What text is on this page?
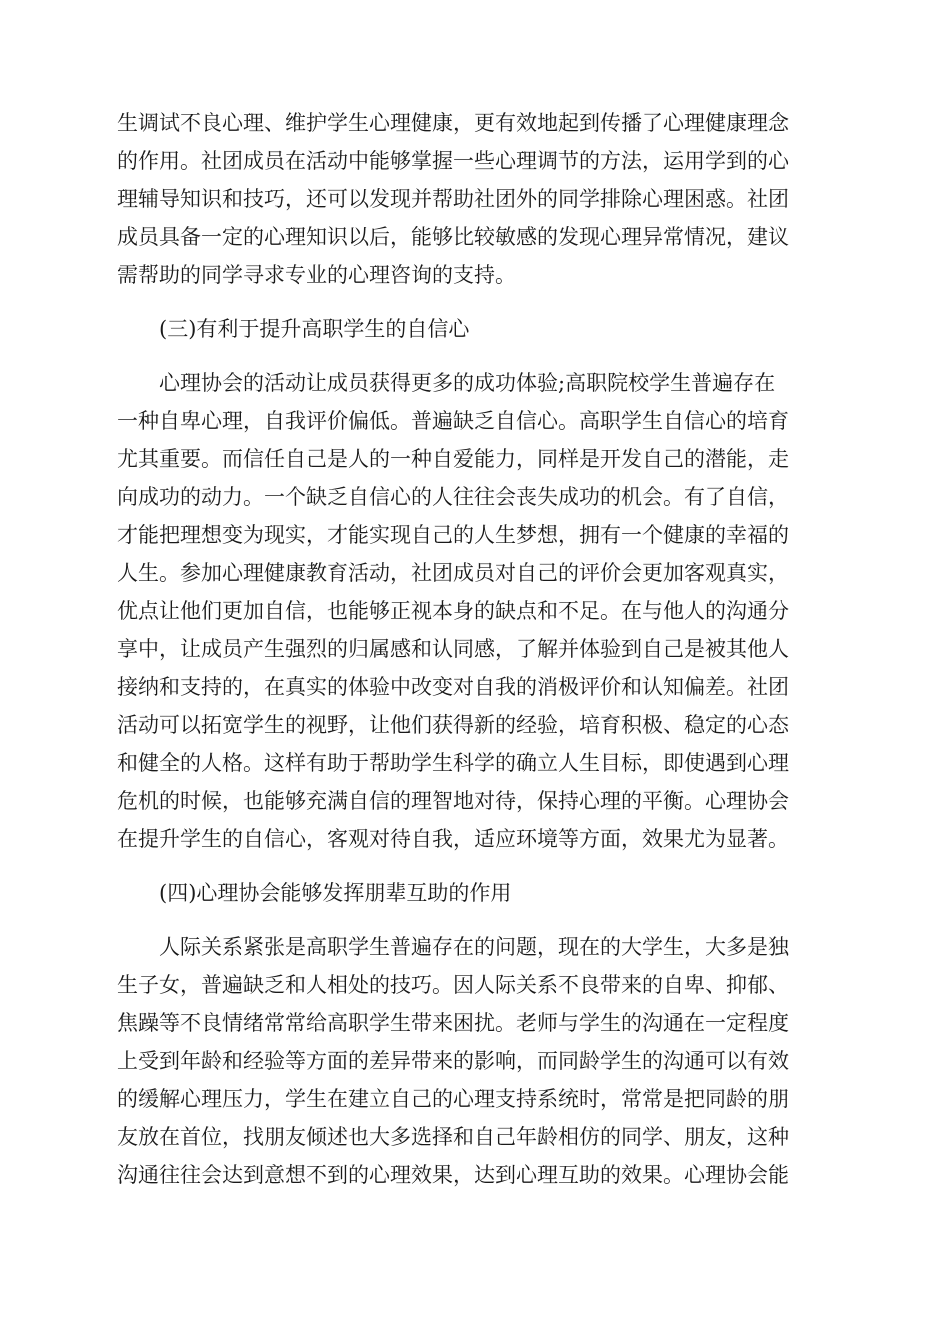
生调试不良心理、维护学生心理健康，更有效地起到传播了心理健康理念
的作用。社团成员在活动中能够掌握一些心理调节的方法，运用学到的心
理辅导知识和技巧，还可以发现并帮助社团外的同学排除心理困惑。社团
成员具备一定的心理知识以后，能够比较敏感的发现心理异常情况，建议
需帮助的同学寻求专业的心理咨询的支持。

(三)有利于提升高职学生的自信心

心理协会的活动让成员获得更多的成功体验;高职院校学生普遍存在
一种自卑心理，自我评价偏低。普遍缺乏自信心。高职学生自信心的培育
尤其重要。而信任自己是人的一种自爱能力，同样是开发自己的潜能，走
向成功的动力。一个缺乏自信心的人往往会丧失成功的机会。有了自信，
才能把理想变为现实，才能实现自己的人生梦想，拥有一个健康的幸福的
人生。参加心理健康教育活动，社团成员对自己的评价会更加客观真实，
优点让他们更加自信，也能够正视本身的缺点和不足。在与他人的沟通分
享中，让成员产生强烈的归属感和认同感，了解并体验到自己是被其他人
接纳和支持的，在真实的体验中改变对自我的消极评价和认知偏差。社团
活动可以拓宽学生的视野，让他们获得新的经验，培育积极、稳定的心态
和健全的人格。这样有助于帮助学生科学的确立人生目标，即使遇到心理
危机的时候，也能够充满自信的理智地对待，保持心理的平衡。心理协会
在提升学生的自信心，客观对待自我，适应环境等方面，效果尤为显著。

(四)心理协会能够发挥朋辈互助的作用

人际关系紧张是高职学生普遍存在的问题，现在的大学生，大多是独
生子女，普遍缺乏和人相处的技巧。因人际关系不良带来的自卑、抑郁、
焦躁等不良情绪常常给高职学生带来困扰。老师与学生的沟通在一定程度
上受到年龄和经验等方面的差异带来的影响，而同龄学生的沟通可以有效
的缓解心理压力，学生在建立自己的心理支持系统时，常常是把同龄的朋
友放在首位，找朋友倾述也大多选择和自己年龄相仿的同学、朋友，这种
沟通往往会达到意想不到的心理效果，达到心理互助的效果。心理协会能
